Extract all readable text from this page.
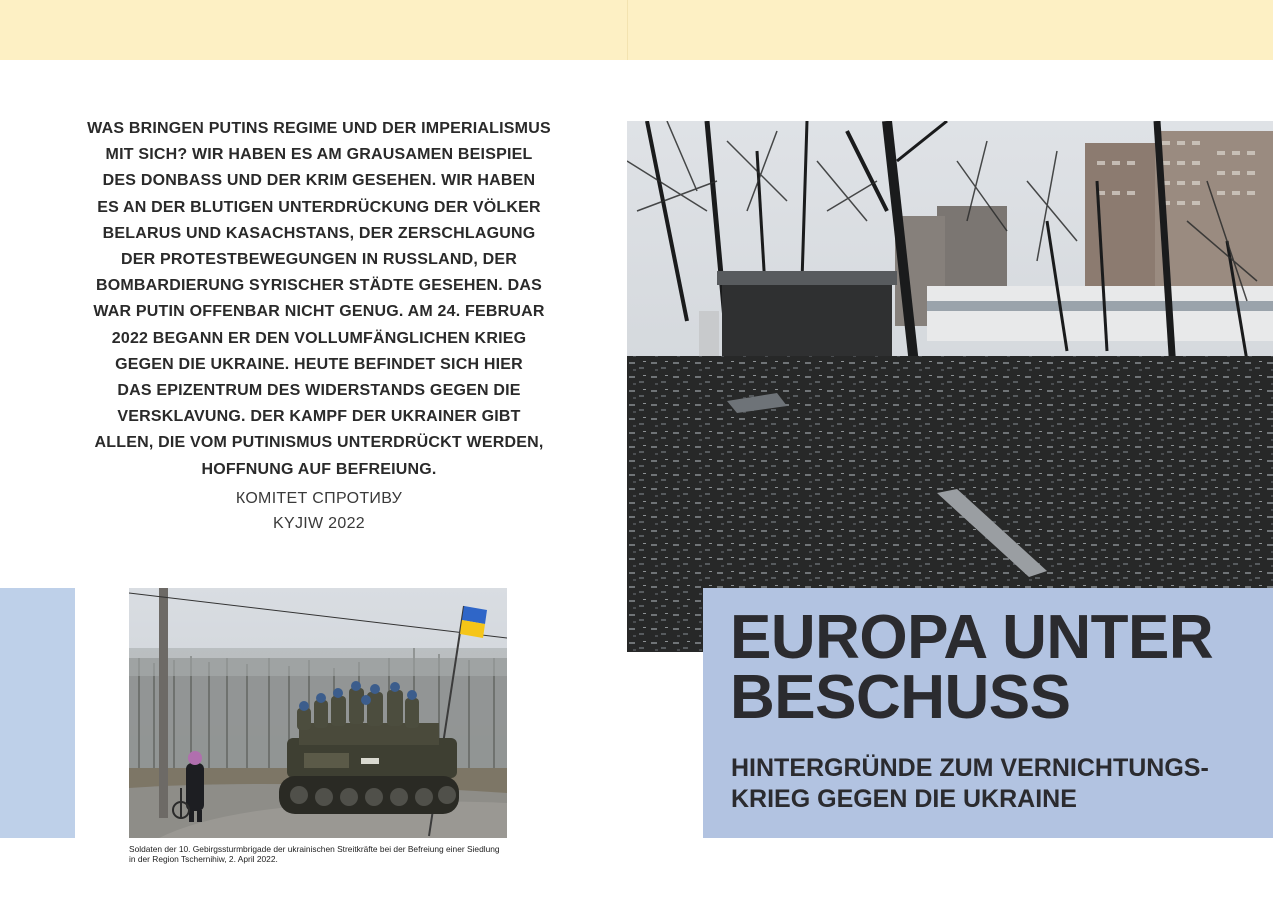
WAS BRINGEN PUTINS REGIME UND DER IMPERIALISMUS
MIT SICH? WIR HABEN ES AM GRAUSAMEN BEISPIEL
DES DONBASS UND DER KRIM GESEHEN. WIR HABEN
ES AN DER BLUTIGEN UNTERDRÜCKUNG DER VÖLKER
BELARUS UND KASACHSTANS, DER ZERSCHLAGUNG
DER PROTESTBEWEGUNGEN IN RUSSLAND, DER
BOMBARDIERUNG SYRISCHER STÄDTE GESEHEN. DAS
WAR PUTIN OFFENBAR NICHT GENUG. AM 24. FEBRUAR
2022 BEGANN ER DEN VOLLUMFÄNGLICHEN KRIEG
GEGEN DIE UKRAINE. HEUTE BEFINDET SICH HIER
DAS EPIZENTRUM DES WIDERSTANDS GEGEN DIE
VERSKLAVUNG. DER KAMPF DER UKRAINER GIBT
ALLEN, DIE VOM PUTINISMUS UNTERDRÜCKT WERDEN,
HOFFNUNG AUF BEFREIUNG.

КОМІТЕТ СПРОТИВУ
KYJIW 2022
Soldaten der 10. Gebirgssturmbrigade der ukrainischen Streitkräfte bei der Befreiung einer Siedlung
in der Region Tschernihiw, 2. April 2022.
EUROPA UNTER
BESCHUSS
HINTERGRÜNDE ZUM VERNICHTUNGS-
KRIEG GEGEN DIE UKRAINE
